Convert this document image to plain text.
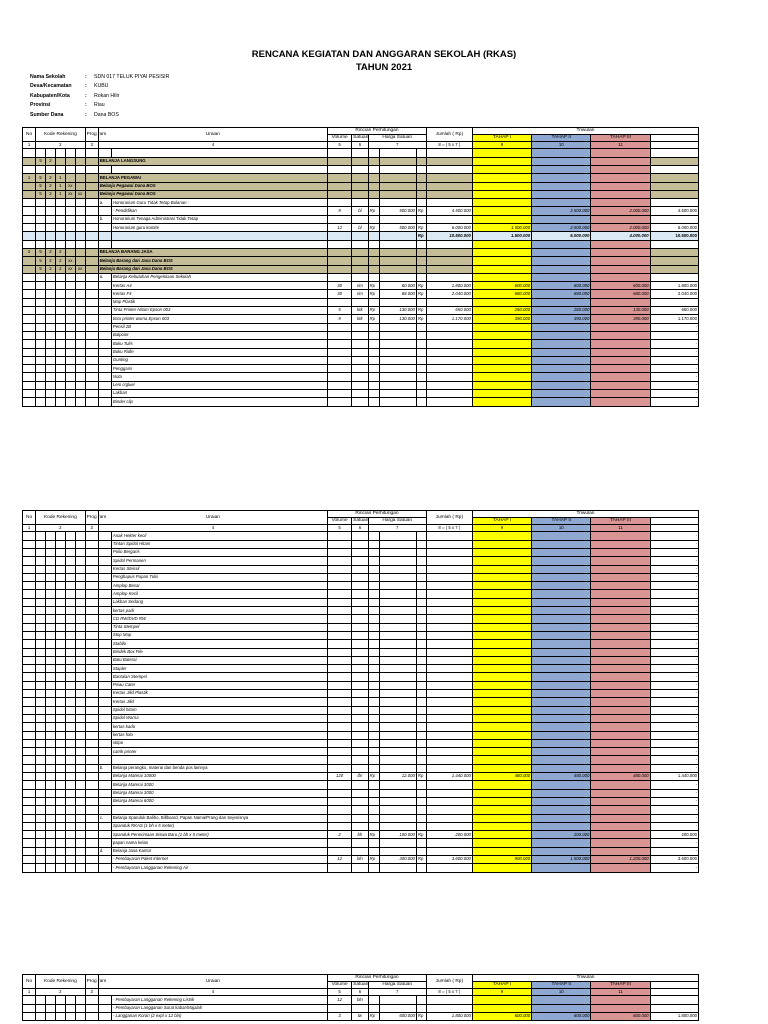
RENCANA KEGIATAN DAN ANGGARAN SEKOLAH (RKAS)
TAHUN 2021
Nama Sekolah	:	SDN 017 TELUK PIYAI PESISIR
Desa/Kecamatan	:	KUBU
Kabupaten/Kota	:	Rokan Hilir
Provinsi	:	Riau
Sumber Dana	:	Dana BOS
No	Kode Rekening					Prog ram	Uraian		Rincian Perhitungan					Jumlah ( Rp)	Triwulan			
									Volume	Satuan	Harga Satuan				TAHAP I	TAHAP II	TAHAP III	
1	2					3	4		5	6	7			8 = ( 5 x 7 )	9	10	11	

	5	2					BELANJA LANGSUNG											

1	5	2	1				BELANJA PEGAWAI											
	5	2	1	xx			Belanja Pegawai Dana BOS											
	5	2	1	xx	xx		Belanja Pegawai Dana BOS											
							a.	Honorarium Guru Tidak Tetap Bulanan :										
								- Pendidikan	9	bl	Rp	500.000	Rp	4.500.000		2.500.000	2.000.000	4.500.000
							b.	Honorarium Tenaga Administrasi Tidak Tetap										
								Honorarium guru komite	12	bl	Rp	500.000	Rp	6.000.000	1.500.000	2.500.000	2.000.000	6.000.000
													Rp	10.500.000	1.500.000	5.000.000	4.000.000	10.500.000

2	5	2	2				BELANJA BARANG JASA											
	5	2	2	xx			Belanja Barang dan Jasa Dana BOS											
	5	2	2	xx	xx		Belanja Barang dan Jasa Dana BOS											
							a.	Belanja Kebutuhan Pengelolaan Sekolah										
								Kertas A4	30	rim	Rp	60.000	Rp	1.800.000	600.000	600.000	600.000	1.800.000
								Kertas F4	30	rim	Rp	68.000	Rp	2.040.000	680.000	680.000	680.000	2.040.000
								Map Plastik										
								Tinta Printer Hitam Epson 003	5	ktk	Rp	130.000	Rp	650.000	260.000	260.000	130.000	650.000
								tinta printer warna Epson 003	9	ktk	Rp	130.000	Rp	1.170.000	390.000	390.000	390.000	1.170.000
								Pensil 2B										-
								Balpoint										-
								Buku Tulis										-
								Buku Ridle										-
								Gunting										-
								Penggaris										-
								Nota										-
								Lem o'glue/										-
								Lakban										-
								Binder clip										-
No	Kode Rekening					Prog ram	Uraian		Rincian Perhitungan					Jumlah ( Rp)	Triwulan			
									Volume	Satuan	Harga Satuan				TAHAP I	TAHAP II	TAHAP III	
1	2					3	4		5	6	7			8 = ( 5 x 7 )	9	10	11	
								Anak Hekter kecil										-
								Tintan Spidol Hitam										-
								Polio Bergaris										-
								Spidol Permanen										-
								Kertas Stensil										-
								Penghapus Papan Tulis										-
								Amplop Besar										-
								Amplop Kecil										-
								Lakban Sedang										-
								kertas padi										-
								CD RW/DVD RW										-
								Tinta Stempel										-
								Stop Map										-
								Stabilo										-
								Bindek Box File										-
								Batu Baterai										-
								Stapler										-
								Bantalan Stempel										-
								Pisau Cater										-
								Kertas Jilid Plastik										-
								Kertas Jilid										-
								Spidol hitam										-
								Spidol Warna										-
								kertas kado										-
								kertas foto										-
								sttipo										-
								catrik printer										-
																		-
							b.	Belanja perangko, materai dan benda pos lainnya										-
								Belanja Materai 10000	120	lbr	Rp	12.000	Rp	1.440.000	480.000	480.000	480.000	1.440.000
								Belanja Materai 3000										-
								Belanja Materai 3000										-
								Belanja Materai 6000										-
																		-
							c.	Belanja Spanduk Baliho, Billboard, Papan Nama/Prang dan Sejenisnya										-
								Spanduk RKAS (1 bh x 5 meter)										-
								Spanduk Penerimaan Siswa Baru (1 bh x 5 meter)	2	bh	Rp	100.000	Rp	200.000		200.000		200.000
								papan nama kelas										-
							d.	Belanja Jasa Kantor										-
								- Pembayaran Paket Internet	12	bln	Rp	300.000	Rp	3.600.000	900.000	1.500.000	1.200.000	3.600.000
								- Pembayaran Langganan Rekening Air										-
No	Kode Rekening					Prog ram	Uraian		Rincian Perhitungan					Jumlah ( Rp)	Triwulan			
									Volume	Satuan	Harga Satuan				TAHAP I	TAHAP II	TAHAP III	
1	2					3	4		5	6	7			8 = ( 5 x 7 )	9	10	11	
								- Pembayaran Langganan Rekening Listrik	12	bln								
								- Pembayaran Langganan Surat kabar/Majalah										
								- Langganan Koran (2 expl x 12 bln)	3	tw	Rp	600.000	Rp	1.800.000	600.000	600.000	600.000	1.800.000
